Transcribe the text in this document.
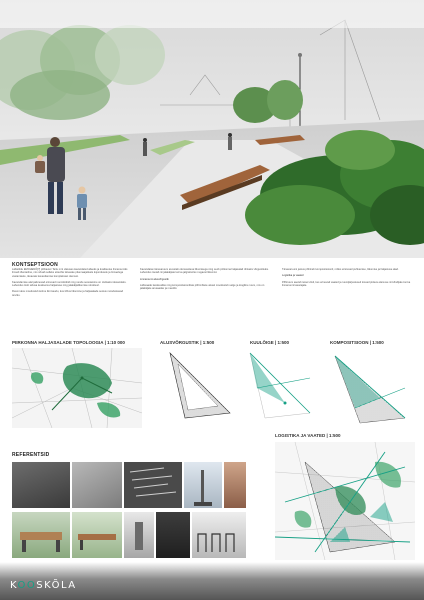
KONTSEPTSIOON

Läbisõidu EMOHENÕ[?] põhiautor Tartu mnt ulatuses kavandatud alleeks ja kvaliteetse linnaruumiks ilmselt tõenäoline, mis nõuab selleks ettevõte tänavate pikemaajalisele kujundusele ja linnaeluga vastamisele, tänavate kavandamise kompleksset olemust.

Kavandamise alal paiknevad erinevad ruumitüübid ning nende seostamine on oluliseks ülesandeks. Lahendus loob sidusa kesksema haljastuse ning jalakäijaliikumise struktuuri.

Ruumi alus moodustub kolme liini kaudu, kus tõhus liikumine ja haljasalade seotus moodustavad terviku.

Kavandatav tänavaruum arvestab olemasoleva liikumisega ning seob piirkonna haljasalad ühtseks võrgustikuks. Lahendus toetab nii jalakäijate kui ka jalgratturite mugavat liikumist.

Linnaruumi alusvõrgustik

Läbivaade kesksuslike ning kompositsiooniliste põhimõtete alusel moodustub selge ja loogiline ruum, mis on jalakäijale arusaadav ja meeldiv.

Tänavaruumi jaotus põhineb kompositsioonil, milles eristuvad puhkamise, liikumise ja haljastuse alad.

Logistika ja vaated

Põhiruum asetub teisel viisil, kus erinevad vaated ja ruumijärjestused loovad pideva elamuse nii kõndijale kui ka linnaruumi kasutajale.

PIIRKONNA HALJASALADE TOPOLOOGIA | 1:10 000	ALUSVÕRGUSTIK | 1:500	KUULÕIGE | 1:500	KOMPOSITSIOON | 1:500
LOGISTIKA JA VAATED | 1:500
REFERENTSID
KOOSKÕLA
